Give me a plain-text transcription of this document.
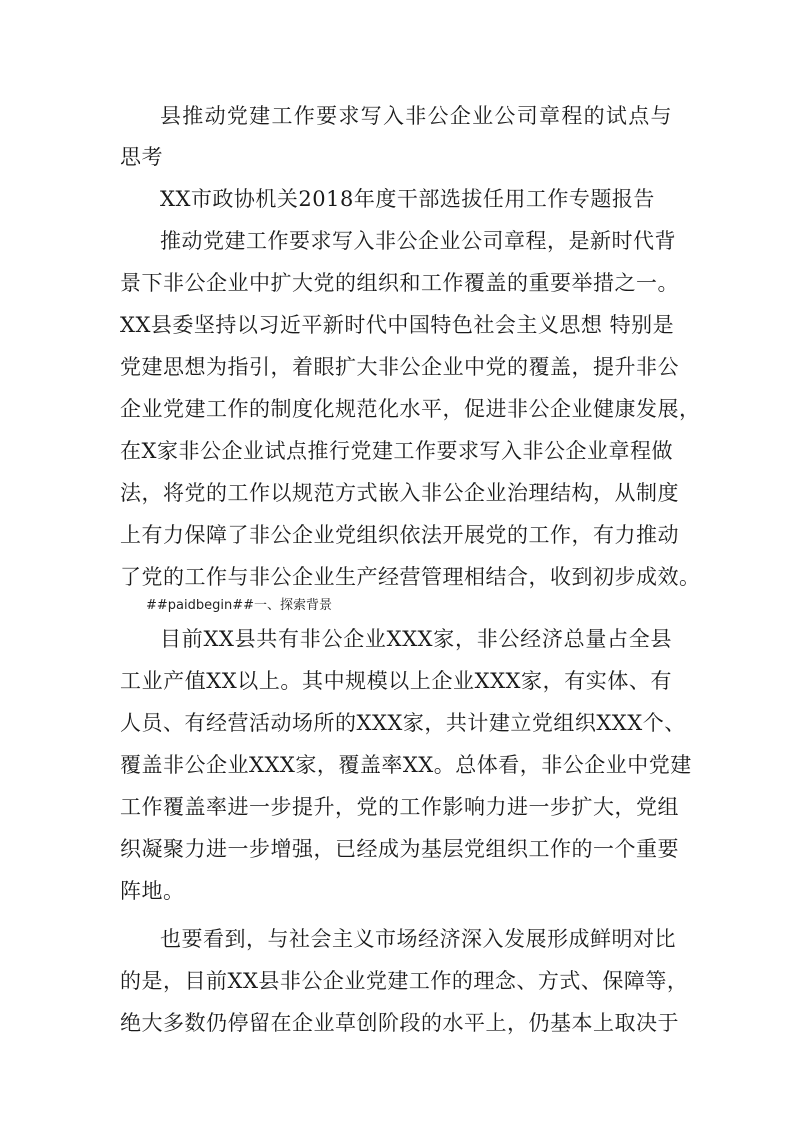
县推动党建工作要求写入非公企业公司章程的试点与
思考
XX市政协机关2018年度干部选拔任用工作专题报告
推动党建工作要求写入非公企业公司章程，是新时代背
景下非公企业中扩大党的组织和工作覆盖的重要举措之一。
XX县委坚持以习近平新时代中国特色社会主义思想 特别是
党建思想为指引，着眼扩大非公企业中党的覆盖，提升非公
企业党建工作的制度化规范化水平，促进非公企业健康发展，
在X家非公企业试点推行党建工作要求写入非公企业章程做
法，将党的工作以规范方式嵌入非公企业治理结构，从制度
上有力保障了非公企业党组织依法开展党的工作，有力推动
了党的工作与非公企业生产经营管理相结合，收到初步成效。
##paidbegin##一、探索背景
目前XX县共有非公企业XXX家，非公经济总量占全县
工业产值XX以上。其中规模以上企业XXX家，有实体、有
人员、有经营活动场所的XXX家，共计建立党组织XXX个、
覆盖非公企业XXX家，覆盖率XX。总体看，非公企业中党建
工作覆盖率进一步提升，党的工作影响力进一步扩大，党组
织凝聚力进一步增强，已经成为基层党组织工作的一个重要
阵地。
也要看到，与社会主义市场经济深入发展形成鲜明对比
的是，目前XX县非公企业党建工作的理念、方式、保障等，
绝大多数仍停留在企业草创阶段的水平上，仍基本上取决于
